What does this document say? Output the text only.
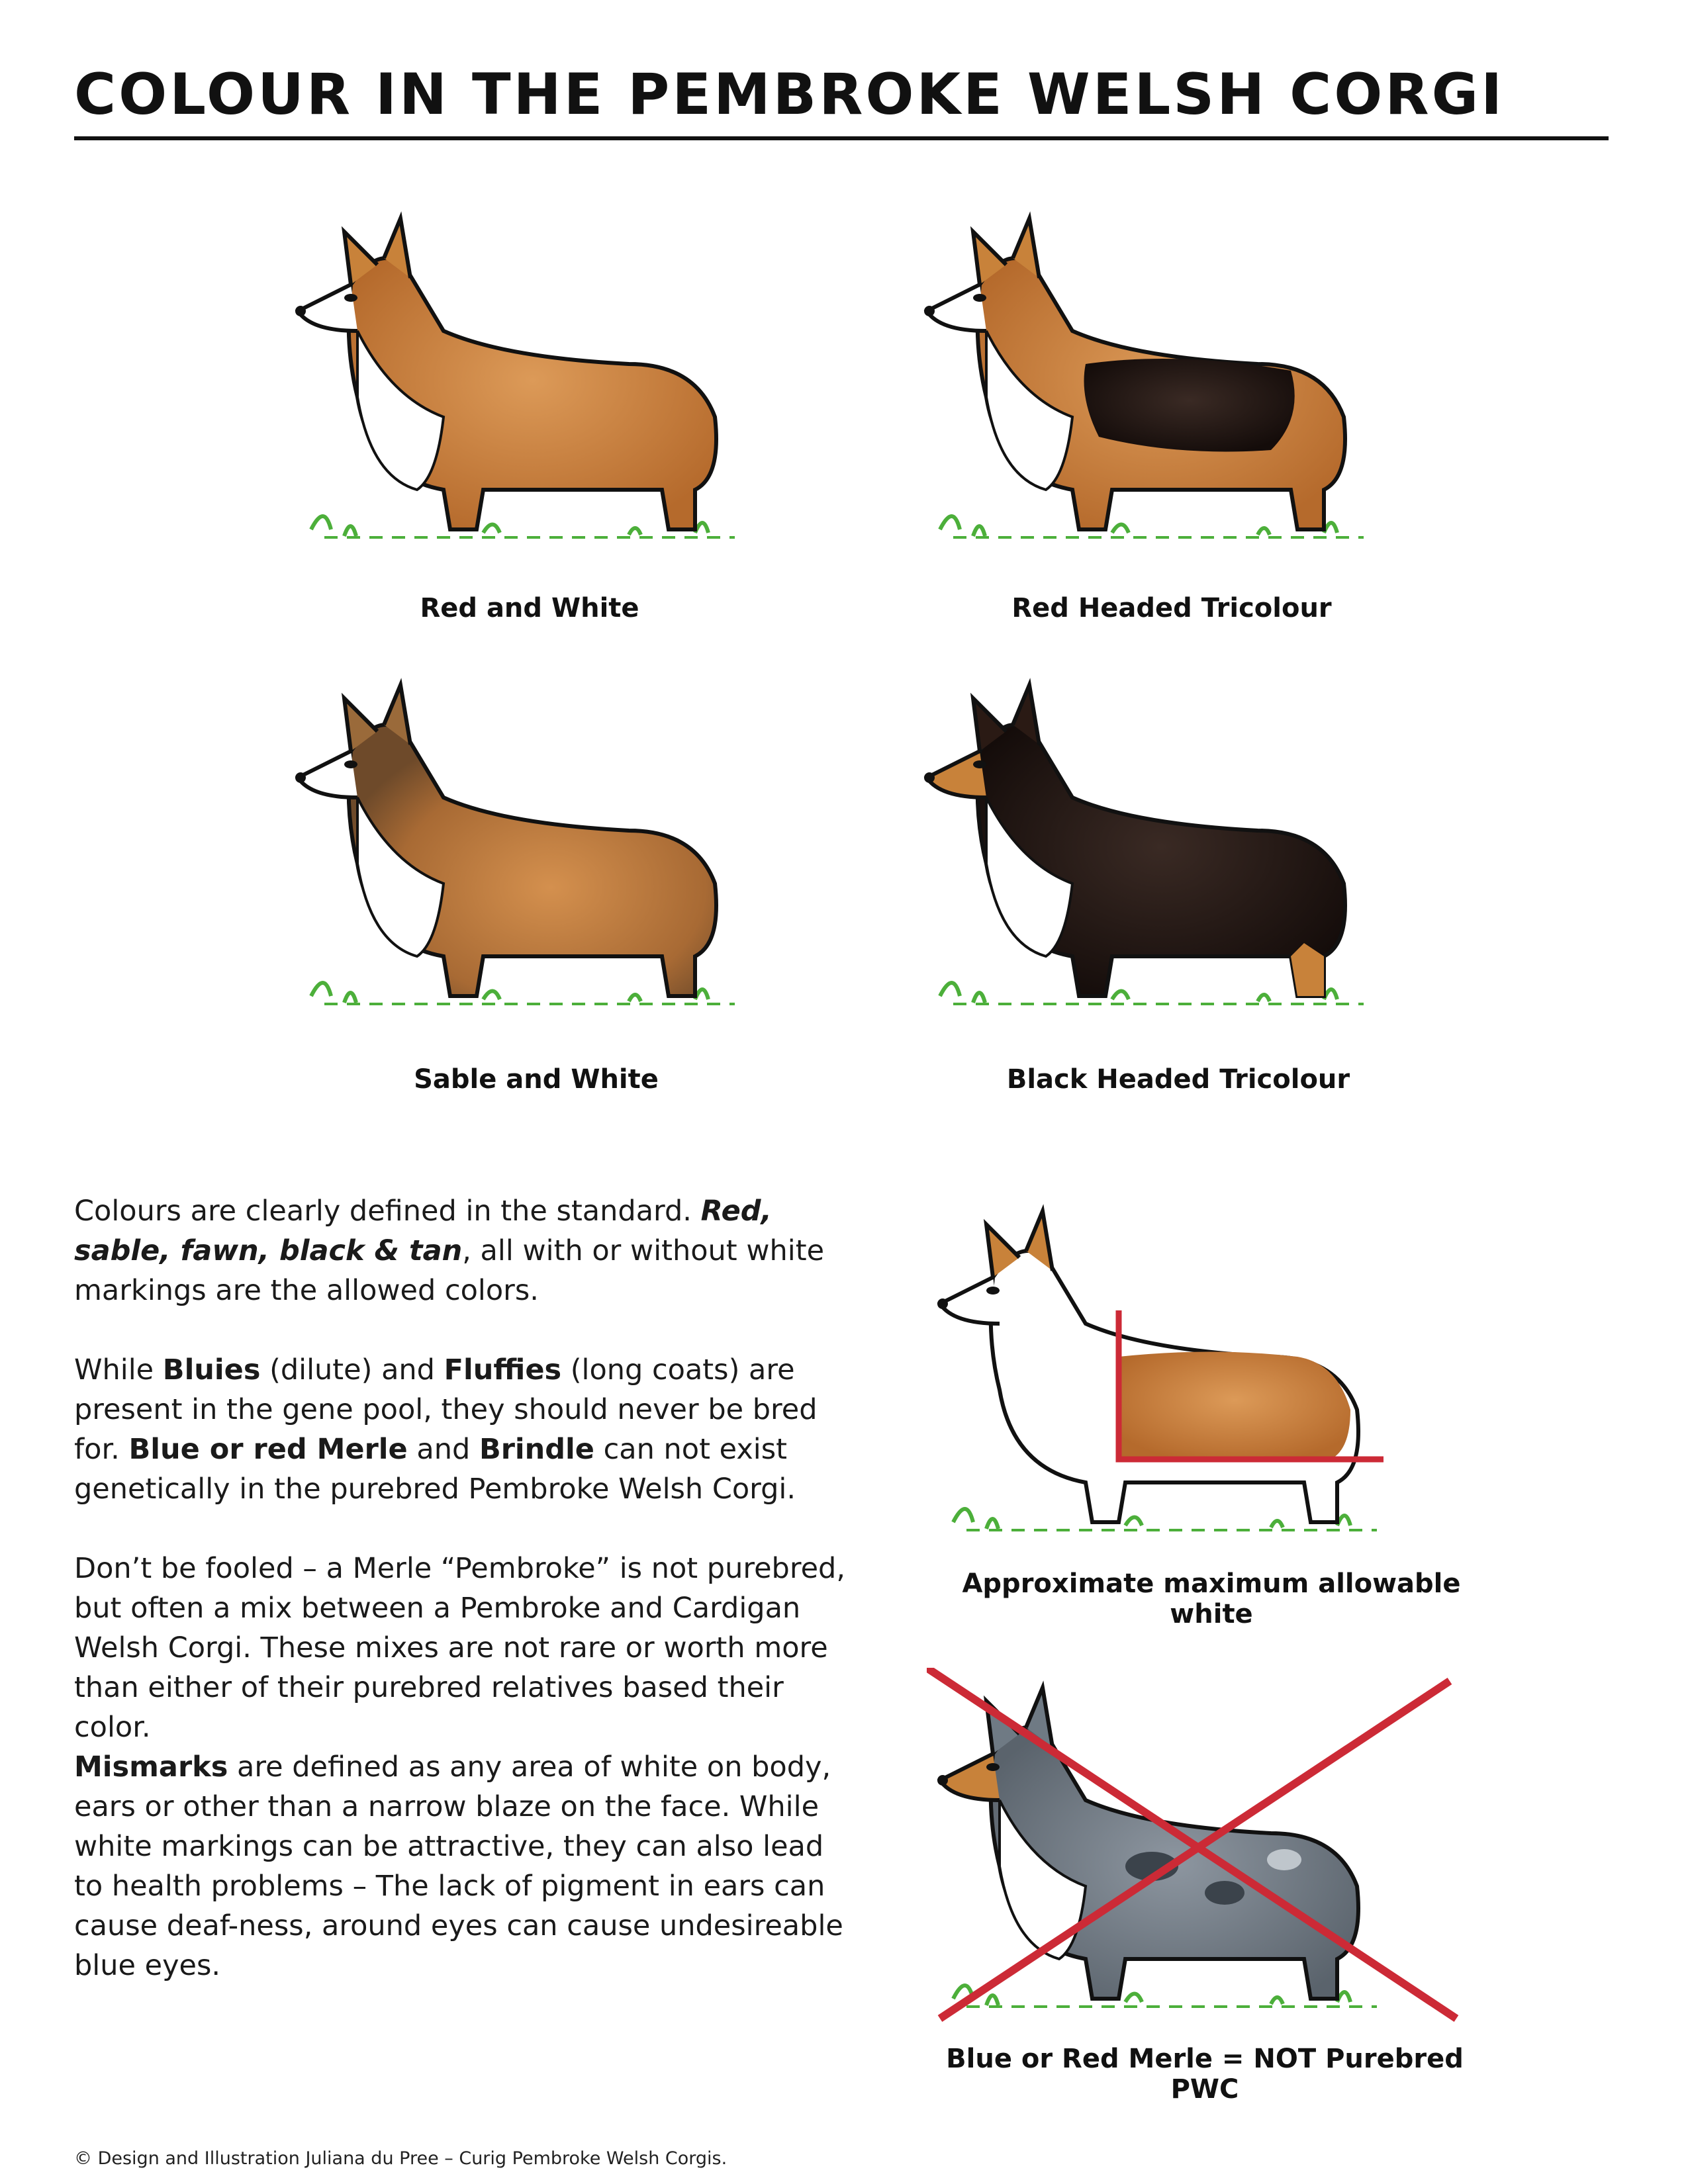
COLOUR IN THE PEMBROKE WELSH CORGI
Red and White	Red Headed Tricolour
Sable and White	Black Headed Tricolour
Approximate maximum allowable white
Blue or Red Merle = NOT Purebred PWC

Colours are clearly defined in the standard. Red, sable, fawn, black & tan, all with or without white markings are the allowed colors.

While Bluies (dilute) and Fluffies (long coats) are present in the gene pool, they should never be bred for. Blue or red Merle and Brindle can not exist genetically in the purebred Pembroke Welsh Corgi.

Don’t be fooled – a Merle “Pembroke” is not purebred, but often a mix between a Pembroke and Cardigan Welsh Corgi. These mixes are not rare or worth more than either of their purebred relatives based their color.

Mismarks are defined as any area of white on body, ears or other than a narrow blaze on the face. While white markings can be attractive, they can also lead to health problems – The lack of pigment in ears can cause deaf-ness, around eyes can cause undesireable blue eyes.

© Design and Illustration Juliana du Pree – Curig Pembroke Welsh Corgis.
